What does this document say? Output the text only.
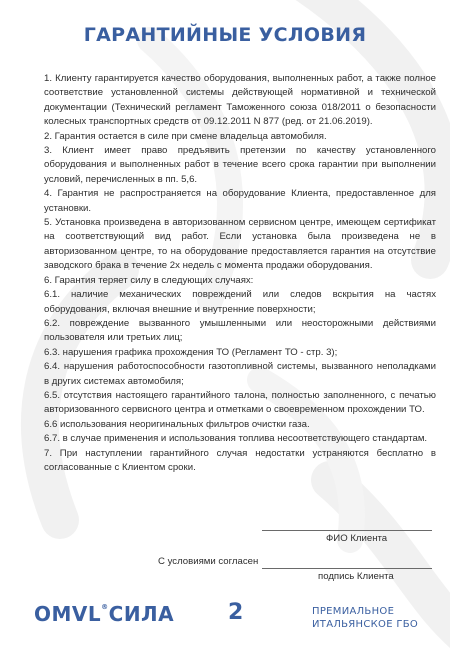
ГАРАНТИЙНЫЕ УСЛОВИЯ

1. Клиенту гарантируется качество оборудования, выполненных работ, а также полное соответствие установленной системы действующей нормативной и технической документации (Технический регламент Таможенного союза 018/2011 о безопасности колесных транспортных средств от 09.12.2011 N 877 (ред. от 21.06.2019).

2. Гарантия остается в силе при смене владельца автомобиля.

3. Клиент имеет право предъявить претензии по качеству установленного оборудования и выполненных работ в течение всего срока гарантии при выполнении условий, перечисленных в пп. 5,6.

4. Гарантия не распространяется на оборудование Клиента, предоставленное для установки.

5. Установка произведена в авторизованном сервисном центре, имеющем сертификат на соответствующий вид работ. Если установка была произведена не в авторизованном центре, то на оборудование предоставляется гарантия на отсутствие заводского брака в течение 2х недель с момента продажи оборудования.

6. Гарантия теряет силу в следующих случаях:

6.1. наличие механических повреждений или следов вскрытия на частях оборудования, включая внешние и внутренние поверхности;

6.2. повреждение вызванного умышленными или неосторожными действиями пользователя или третьих лиц;

6.3. нарушения графика прохождения ТО (Регламент ТО - стр. 3);

6.4. нарушения работоспособности газотопливной системы, вызванного неполадками в других системах автомобиля;

6.5. отсутствия настоящего гарантийного талона, полностью заполненного, с печатью авторизованного сервисного центра и отметками о своевременном прохождении ТО.

6.6 использования неоригинальных фильтров очистки газа.

6.7. в случае применения и использования топлива несоответствующего стандартам.

7. При наступлении гарантийного случая недостатки устраняются бесплатно в согласованные с Клиентом сроки.

ФИО Клиента
С условиями согласен
подпись Клиента
OMVL®СИЛА 2	ПРЕМИАЛЬНОЕ
ИТАЛЬЯНСКОЕ ГБО
